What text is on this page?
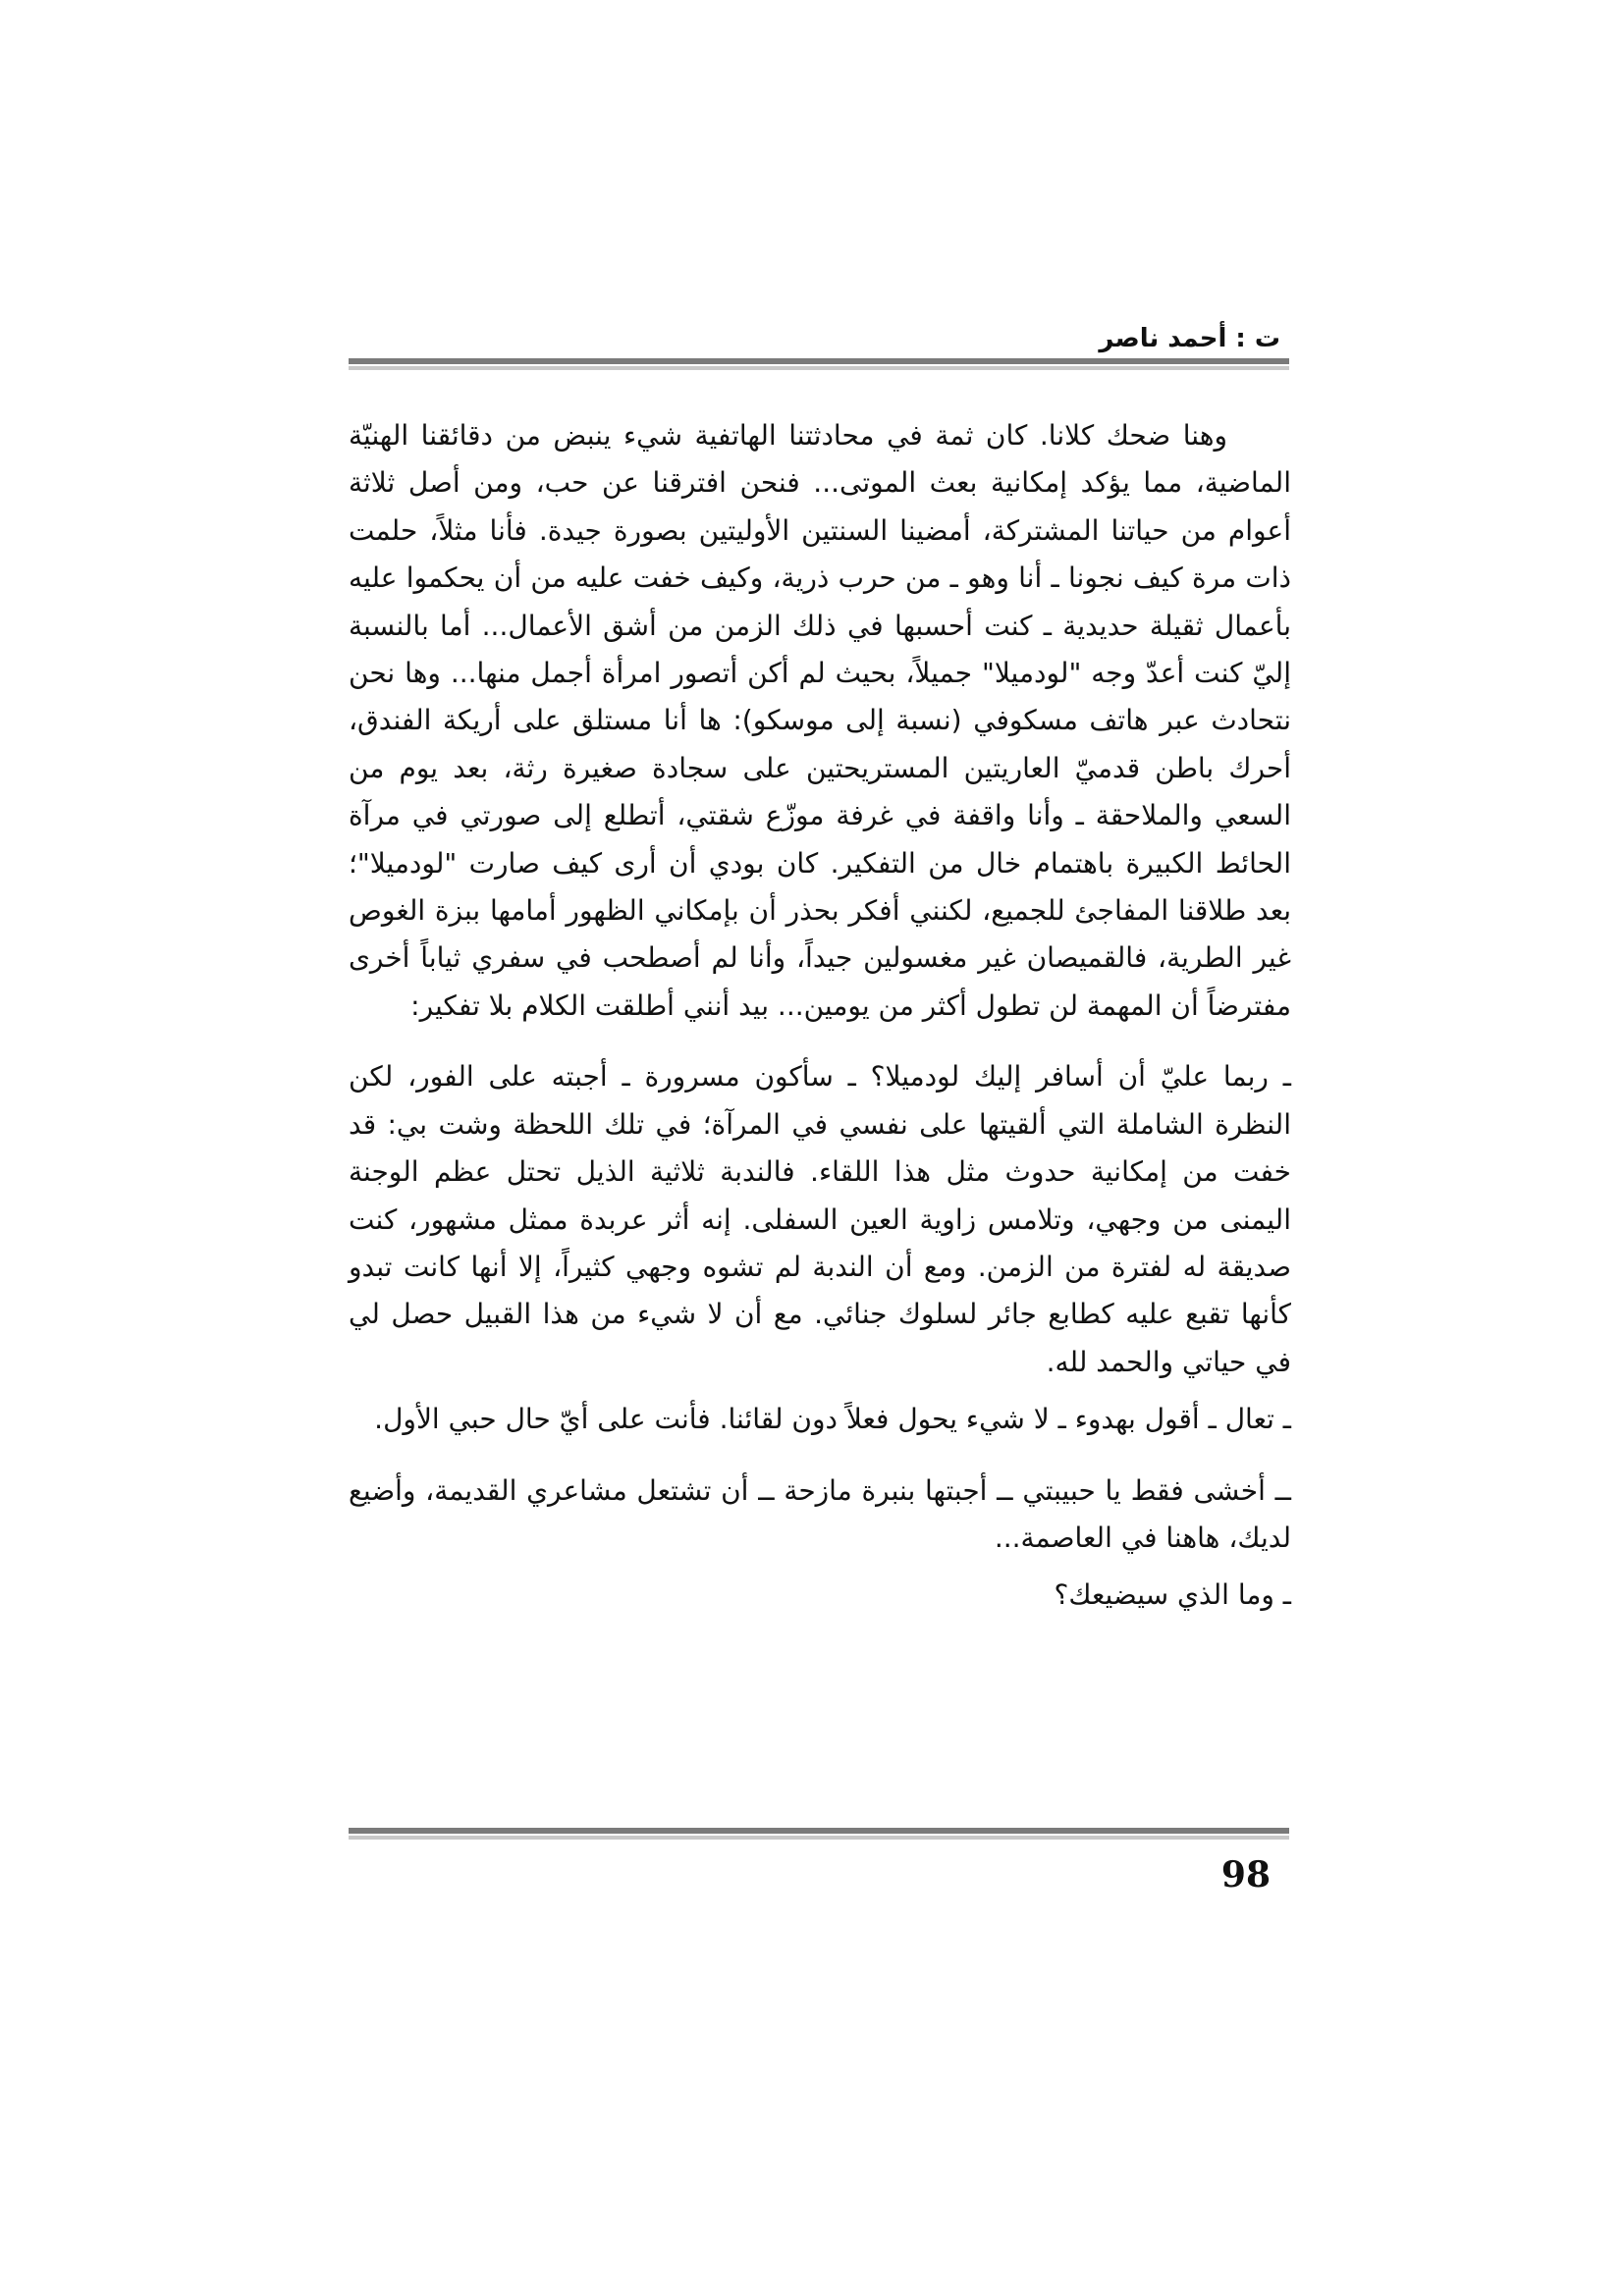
ت : أحمد ناصر

وهنا ضحك كلانا. كان ثمة في محادثتنا الهاتفية شيء ينبض من دقائقنا الهنيّة الماضية، مما يؤكد إمكانية بعث الموتى... فنحن افترقنا عن حب، ومن أصل ثلاثة أعوام من حياتنا المشتركة، أمضينا السنتين الأوليتين بصورة جيدة. فأنا مثلاً، حلمت ذات مرة كيف نجونا ـ أنا وهو ـ من حرب ذرية، وكيف خفت عليه من أن يحكموا عليه بأعمال ثقيلة حديدية ـ كنت أحسبها في ذلك الزمن من أشق الأعمال... أما بالنسبة إليّ كنت أعدّ وجه "لودميلا" جميلاً، بحيث لم أكن أتصور امرأة أجمل منها... وها نحن نتحادث عبر هاتف مسكوفي (نسبة إلى موسكو): ها أنا مستلق على أريكة الفندق، أحرك باطن قدميّ العاريتين المستريحتين على سجادة صغيرة رثة، بعد يوم من السعي والملاحقة ـ وأنا واقفة في غرفة موزّع شقتي، أتطلع إلى صورتي في مرآة الحائط الكبيرة باهتمام خال من التفكير. كان بودي أن أرى كيف صارت "لودميلا"؛ بعد طلاقنا المفاجئ للجميع، لكنني أفكر بحذر أن بإمكاني الظهور أمامها ببزة الغوص غير الطرية، فالقميصان غير مغسولين جيداً، وأنا لم أصطحب في سفري ثياباً أخرى مفترضاً أن المهمة لن تطول أكثر من يومين... بيد أنني أطلقت الكلام بلا تفكير:

ـ ربما عليّ أن أسافر إليك لودميلا؟ ـ سأكون مسرورة ـ أجبته على الفور، لكن النظرة الشاملة التي ألقيتها على نفسي في المرآة؛ في تلك اللحظة وشت بي: قد خفت من إمكانية حدوث مثل هذا اللقاء. فالندبة ثلاثية الذيل تحتل عظم الوجنة اليمنى من وجهي، وتلامس زاوية العين السفلى. إنه أثر عربدة ممثل مشهور، كنت صديقة له لفترة من الزمن. ومع أن الندبة لم تشوه وجهي كثيراً، إلا أنها كانت تبدو كأنها تقبع عليه كطابع جائر لسلوك جنائي. مع أن لا شيء من هذا القبيل حصل لي في حياتي والحمد لله.

ـ تعال ـ أقول بهدوء ـ لا شيء يحول فعلاً دون لقائنا. فأنت على أيّ حال حبي الأول.

ــ أخشى فقط يا حبيبتي ــ أجبتها بنبرة مازحة ــ أن تشتعل مشاعري القديمة، وأضيع لديك، هاهنا في العاصمة...

ـ وما الذي سيضيعك؟

98
